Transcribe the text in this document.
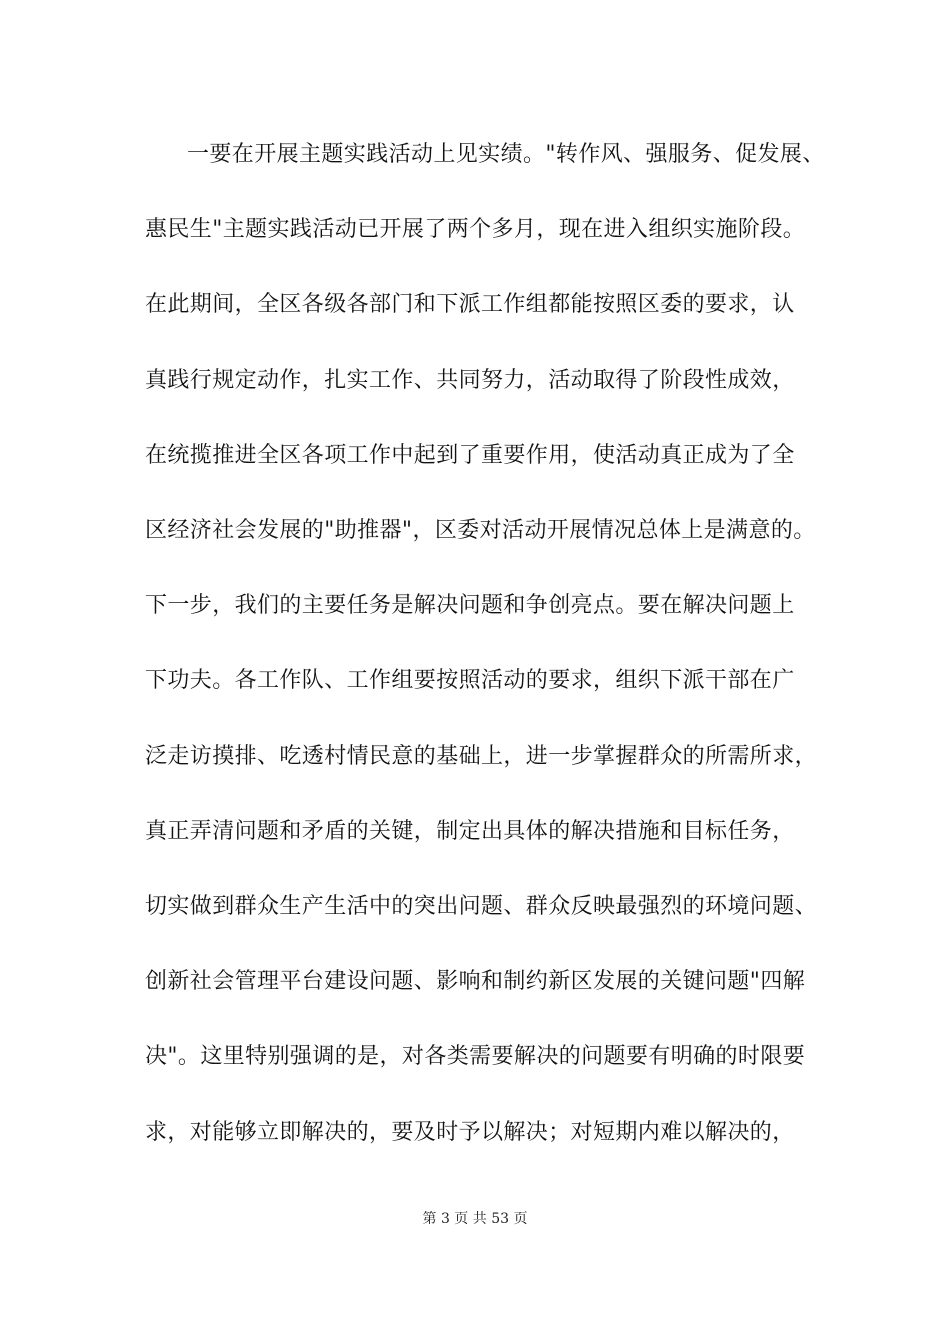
一要在开展主题实践活动上见实绩。"转作风、强服务、促发展、
惠民生"主题实践活动已开展了两个多月，现在进入组织实施阶段。
在此期间，全区各级各部门和下派工作组都能按照区委的要求，认
真践行规定动作，扎实工作、共同努力，活动取得了阶段性成效，
在统揽推进全区各项工作中起到了重要作用，使活动真正成为了全
区经济社会发展的"助推器"，区委对活动开展情况总体上是满意的。
下一步，我们的主要任务是解决问题和争创亮点。要在解决问题上
下功夫。各工作队、工作组要按照活动的要求，组织下派干部在广
泛走访摸排、吃透村情民意的基础上，进一步掌握群众的所需所求，
真正弄清问题和矛盾的关键，制定出具体的解决措施和目标任务，
切实做到群众生产生活中的突出问题、群众反映最强烈的环境问题、
创新社会管理平台建设问题、影响和制约新区发展的关键问题"四解
决"。这里特别强调的是，对各类需要解决的问题要有明确的时限要
求，对能够立即解决的，要及时予以解决；对短期内难以解决的，
第 3 页 共 53 页
